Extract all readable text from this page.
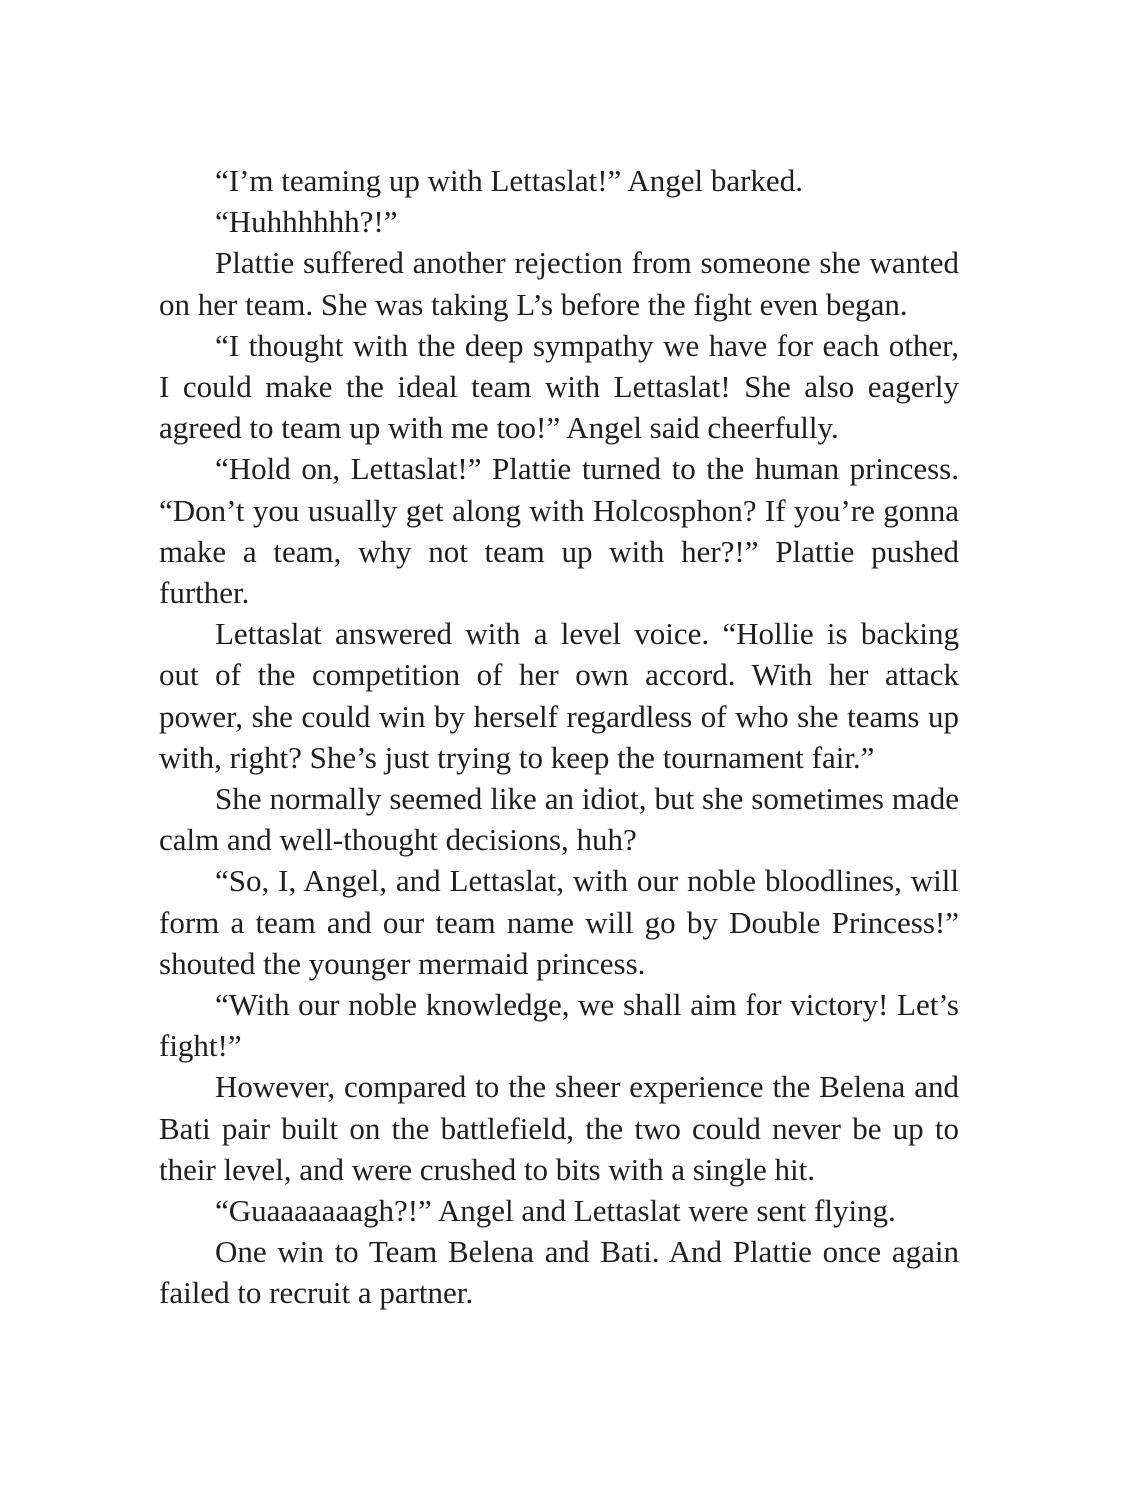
“I’m teaming up with Lettaslat!” Angel barked.

“Huhhhhhh?!”

Plattie suffered another rejection from someone she wanted on her team. She was taking L’s before the fight even began.

“I thought with the deep sympathy we have for each other, I could make the ideal team with Lettaslat! She also eagerly agreed to team up with me too!” Angel said cheerfully.

“Hold on, Lettaslat!” Plattie turned to the human princess. “Don’t you usually get along with Holcosphon? If you’re gonna make a team, why not team up with her?!” Plattie pushed further.

Lettaslat answered with a level voice. “Hollie is backing out of the competition of her own accord. With her attack power, she could win by herself regardless of who she teams up with, right? She’s just trying to keep the tournament fair.”

She normally seemed like an idiot, but she sometimes made calm and well-thought decisions, huh?

“So, I, Angel, and Lettaslat, with our noble bloodlines, will form a team and our team name will go by Double Princess!” shouted the younger mermaid princess.

“With our noble knowledge, we shall aim for victory! Let’s fight!”

However, compared to the sheer experience the Belena and Bati pair built on the battlefield, the two could never be up to their level, and were crushed to bits with a single hit.

“Guaaaaaaagh?!” Angel and Lettaslat were sent flying.

One win to Team Belena and Bati. And Plattie once again failed to recruit a partner.
